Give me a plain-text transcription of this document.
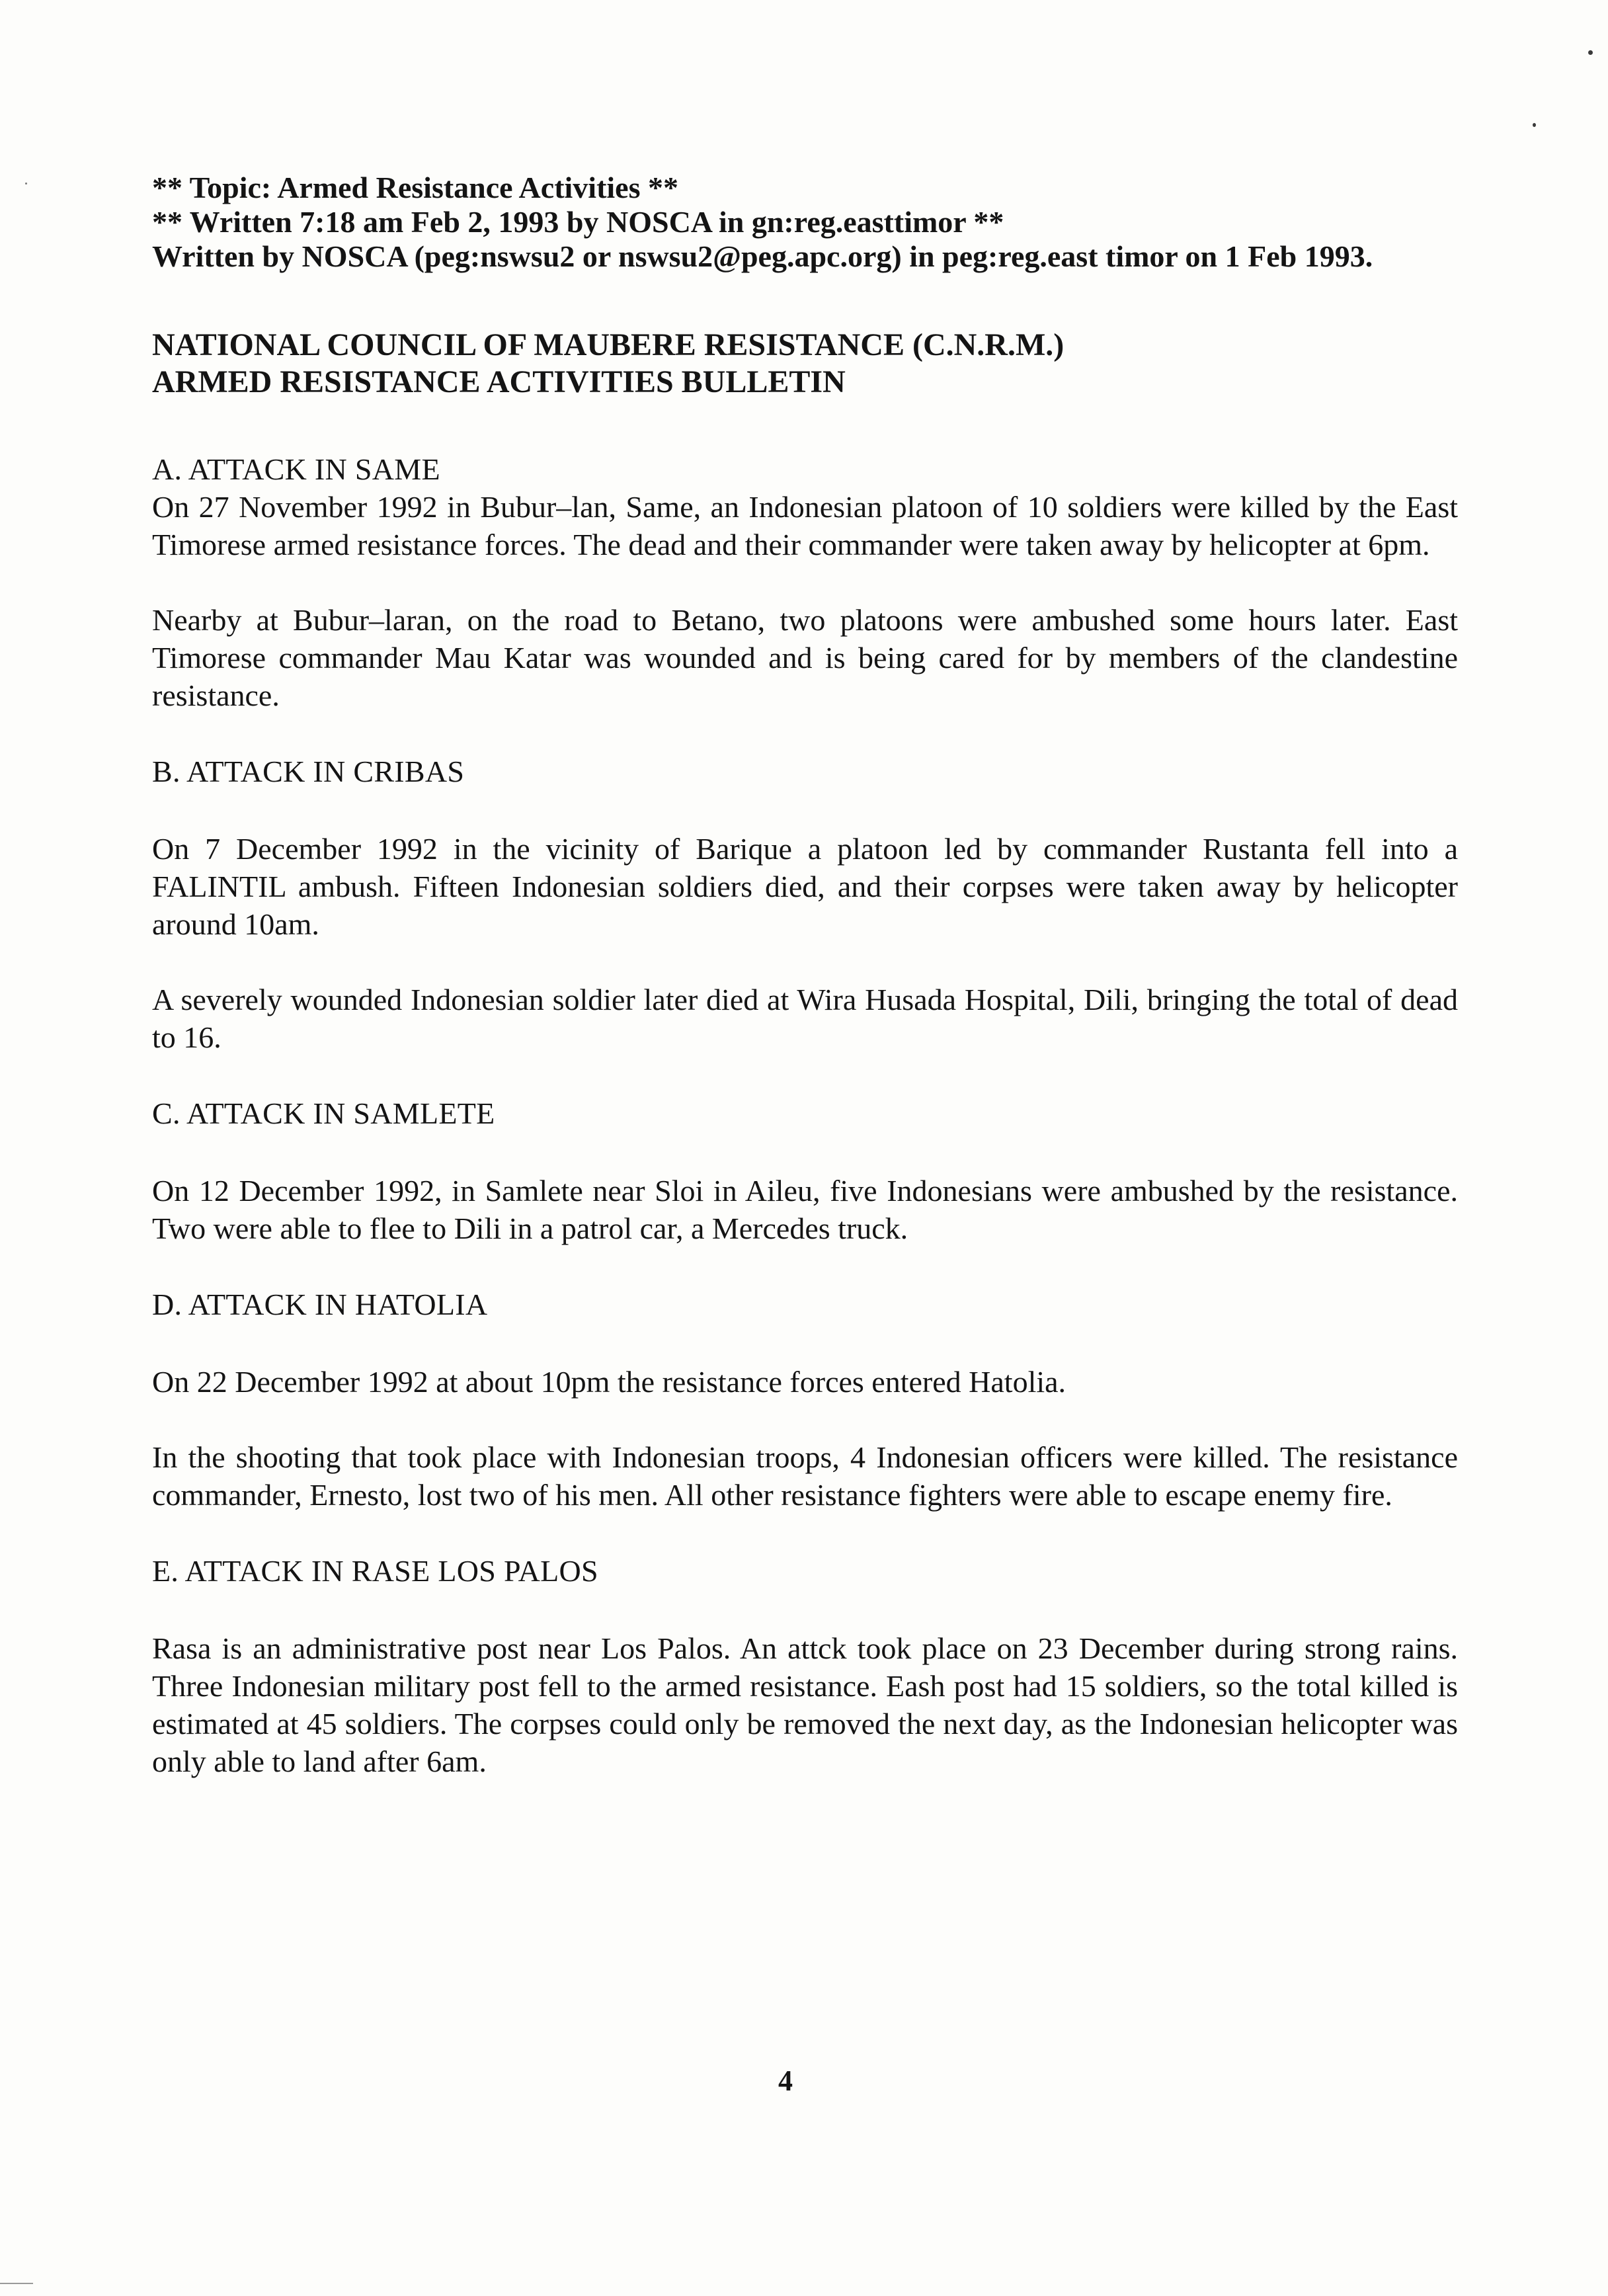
** Topic: Armed Resistance Activities **

** Written 7:18 am Feb 2, 1993 by NOSCA in gn:reg.easttimor **

Written by NOSCA (peg:nswsu2 or nswsu2@peg.apc.org) in peg:reg.east timor on 1 Feb 1993.

NATIONAL COUNCIL OF MAUBERE RESISTANCE (C.N.R.M.)

ARMED RESISTANCE ACTIVITIES BULLETIN

A. ATTACK IN SAME

On 27 November 1992 in Bubur–lan, Same, an Indonesian platoon of 10 soldiers were killed by the East Timorese armed resistance forces. The dead and their commander were taken away by helicopter at 6pm.

Nearby at Bubur–laran, on the road to Betano, two platoons were ambushed some hours later. East Timorese commander Mau Katar was wounded and is being cared for by members of the clandestine resistance.

B. ATTACK IN CRIBAS

On 7 December 1992 in the vicinity of Barique a platoon led by commander Rustanta fell into a FALINTIL ambush. Fifteen Indonesian soldiers died, and their corpses were taken away by helicopter around 10am.

A severely wounded Indonesian soldier later died at Wira Husada Hospital, Dili, bringing the total of dead to 16.

C. ATTACK IN SAMLETE

On 12 December 1992, in Samlete near Sloi in Aileu, five Indonesians were ambushed by the resistance. Two were able to flee to Dili in a patrol car, a Mercedes truck.

D. ATTACK IN HATOLIA

On 22 December 1992 at about 10pm the resistance forces entered Hatolia.

In the shooting that took place with Indonesian troops, 4 Indonesian officers were killed. The resistance commander, Ernesto, lost two of his men. All other resistance fighters were able to escape enemy fire.

E. ATTACK IN RASE LOS PALOS

Rasa is an administrative post near Los Palos. An attck took place on 23 December during strong rains. Three Indonesian military post fell to the armed resistance. Eash post had 15 soldiers, so the total killed is estimated at 45 soldiers. The corpses could only be removed the next day, as the Indonesian helicopter was only able to land after 6am.

4
